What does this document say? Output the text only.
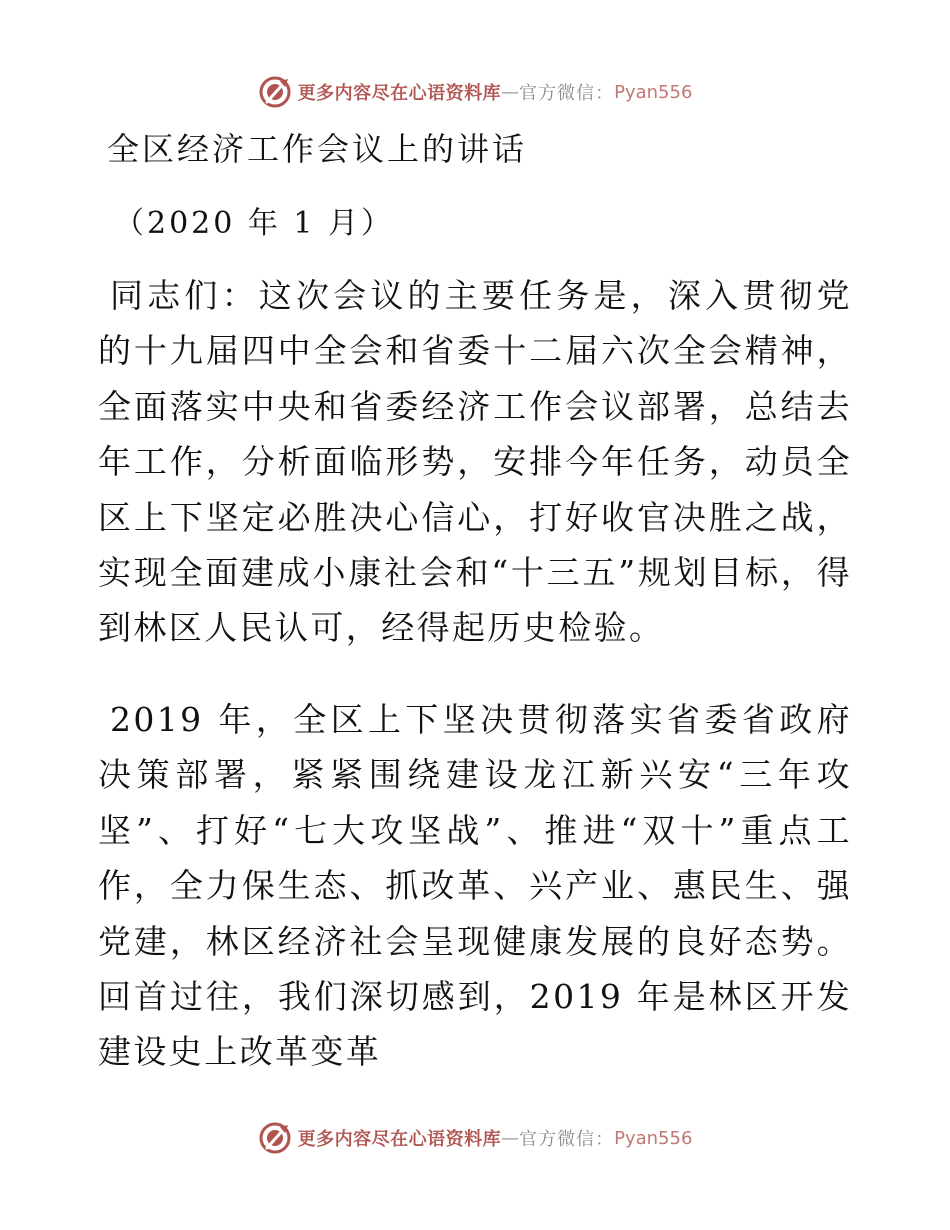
更多内容尽在心语资料库 — 官方微信： Pyan556
全区经济工作会议上的讲话
（2020 年 1 月）

同志们：这次会议的主要任务是，深入贯彻党的十九届四中全会和省委十二届六次全会精神，全面落实中央和省委经济工作会议部署，总结去年工作，分析面临形势，安排今年任务，动员全区上下坚定必胜决心信心，打好收官决胜之战，实现全面建成小康社会和“十三五”规划目标，得到林区人民认可，经得起历史检验。

2019 年，全区上下坚决贯彻落实省委省政府决策部署，紧紧围绕建设龙江新兴安“三年攻坚”、打好“七大攻坚战”、推进“双十”重点工作，全力保生态、抓改革、兴产业、惠民生、强党建，林区经济社会呈现健康发展的良好态势。回首过往，我们深切感到，2019 年是林区开发建设史上改革变革

更多内容尽在心语资料库 — 官方微信： Pyan556
